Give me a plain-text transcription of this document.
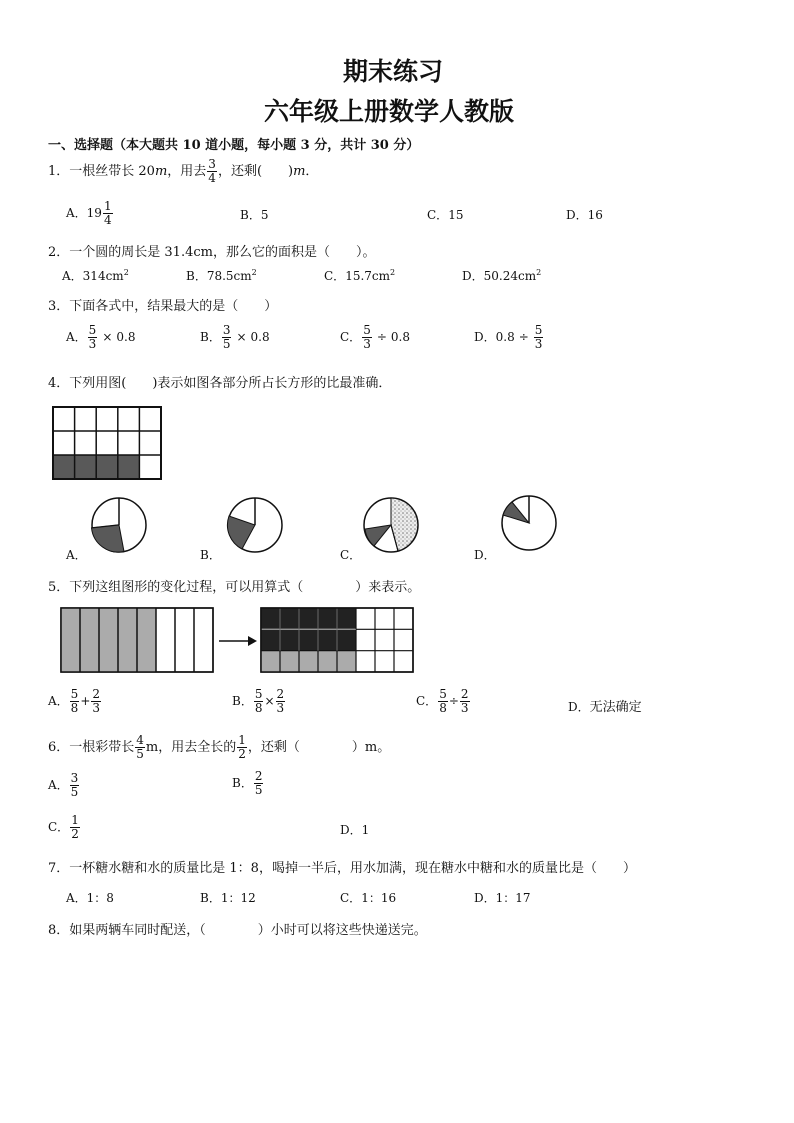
期末练习
六年级上册数学人教版
一、选择题（本大题共 10 道小题，每小题 3 分，共计 30 分）
1．一根丝带长 20m，用去 $\frac{3}{4}$ ，还剩(　　)m．
A．$19 \frac{1}{4}$	B．5	C．15	D．16
2．一个圆的周长是 31.4cm，那么它的面积是（　　）。
A．$314cm^2$	B．$78.5cm^2$	C．$15.7cm^2$	D．$50.24cm^2$
3．下面各式中，结果最大的是（　　）
A． $\frac{5}{3} \times 0.8$	B． $\frac{3}{5} \times 0.8$	C． $\frac{5}{3} \div 0.8$	D．$0.8 \div \frac{5}{3}$
4．下列用图(　　)表示如图各部分所占长方形的比最准确．
A．	B．	C．	D．
5．下列这组图形的变化过程，可以用算式（　　　　）来表示。
A． $\frac{5}{8} + \frac{2}{3}$	B． $\frac{5}{8} \times \frac{2}{3}$	C． $\frac{5}{8} \div \frac{2}{3}$	D．无法确定
6．一根彩带长 $\frac{4}{5}$ m，用去全长的 $\frac{1}{2}$ ，还剩（　　　　）m。
A． $\frac{3}{5}$	B． $\frac{2}{5}$
C． $\frac{1}{2}$	D．1
7．一杯糖水糖和水的质量比是 1：8，喝掉一半后，用水加满，现在糖水中糖和水的质量比是（　　）
A．1：8	B．1：12	C．1：16	D．1：17
8．如果两辆车同时配送，（　　　　）小时可以将这些快递送完。
